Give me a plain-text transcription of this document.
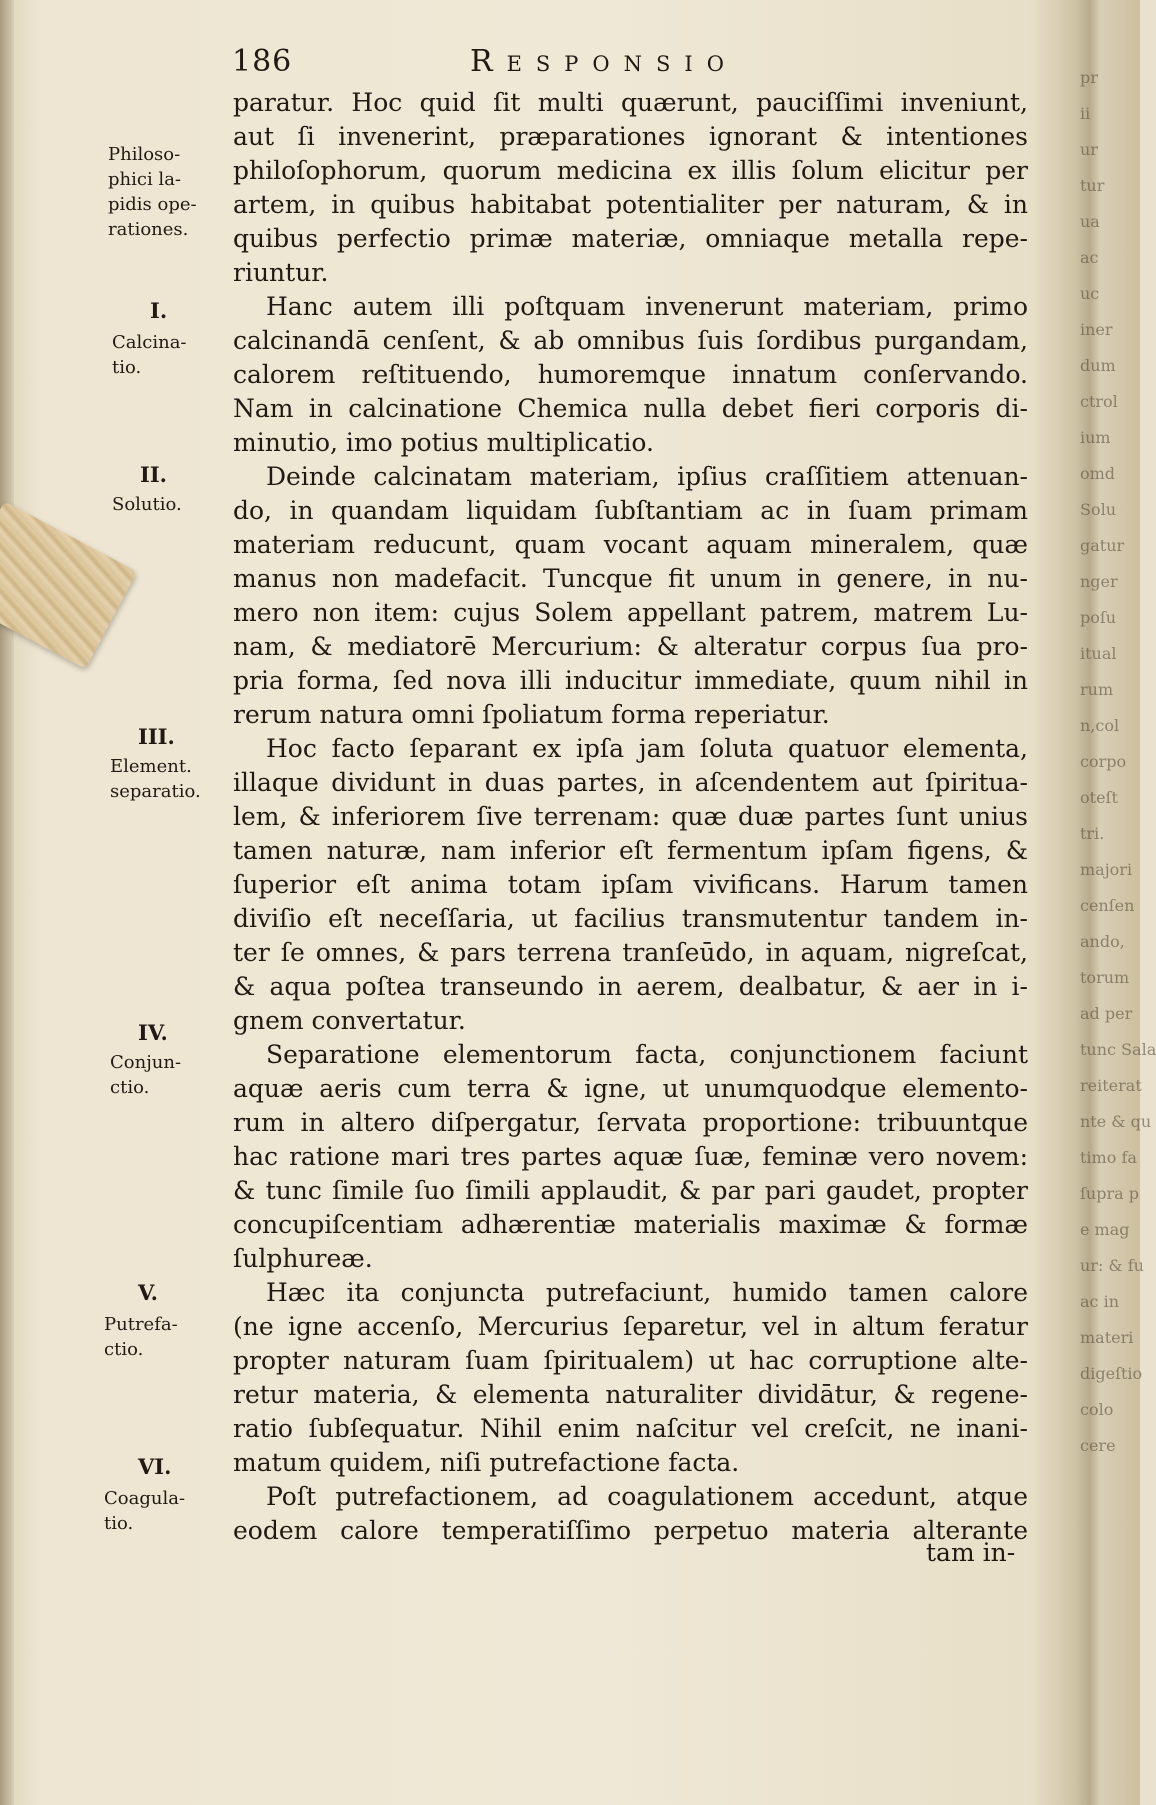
186	Responsio
Philoso-phici la-pidis ope-rationes.
I.
Calcina-tio.
II.
Solutio.
III.
Element. separatio.
IV.
Conjun-ctio.
V.
Putrefa-ctio.
VI.
Coagula-tio.
paratur. Hoc quid ſit multi quærunt, pauciſſimi inveniunt,
aut ſi invenerint, præparationes ignorant & intentiones
philoſophorum, quorum medicina ex illis ſolum elicitur per
artem, in quibus habitabat potentialiter per naturam, & in
quibus perfectio primæ materiæ, omniaque metalla repe-
riuntur.
Hanc autem illi poſtquam invenerunt materiam, primo
calcinandā cenſent, & ab omnibus ſuis ſordibus purgandam,
calorem reſtituendo, humoremque innatum conſervando.
Nam in calcinatione Chemica nulla debet fieri corporis di-
minutio, imo potius multiplicatio.
Deinde calcinatam materiam, ipſius craſſitiem attenuan-
do, in quandam liquidam ſubſtantiam ac in ſuam primam
materiam reducunt, quam vocant aquam mineralem, quæ
manus non madefacit. Tuncque fit unum in genere, in nu-
mero non item: cujus Solem appellant patrem, matrem Lu-
nam, & mediatorē Mercurium: & alteratur corpus ſua pro-
pria forma, ſed nova illi inducitur immediate, quum nihil in
rerum natura omni ſpoliatum forma reperiatur.
Hoc facto ſeparant ex ipſa jam ſoluta quatuor elementa,
illaque dividunt in duas partes, in aſcendentem aut ſpiritua-
lem, & inferiorem ſive terrenam: quæ duæ partes ſunt unius
tamen naturæ, nam inferior eſt fermentum ipſam figens, &
ſuperior eſt anima totam ipſam vivificans. Harum tamen
diviſio eſt neceſſaria, ut facilius transmutentur tandem in-
ter ſe omnes, & pars terrena tranſeūdo, in aquam, nigreſcat,
& aqua poſtea transeundo in aerem, dealbatur, & aer in i-
gnem convertatur.
Separatione elementorum facta, conjunctionem faciunt
aquæ aeris cum terra & igne, ut unumquodque elemento-
rum in altero diſpergatur, ſervata proportione: tribuuntque
hac ratione mari tres partes aquæ ſuæ, feminæ vero novem:
& tunc ſimile ſuo ſimili applaudit, & par pari gaudet, propter
concupiſcentiam adhærentiæ materialis maximæ & formæ
ſulphureæ.
Hæc ita conjuncta putrefaciunt, humido tamen calore
(ne igne accenſo, Mercurius ſeparetur, vel in altum feratur
propter naturam ſuam ſpiritualem) ut hac corruptione alte-
retur materia, & elementa naturaliter dividātur, & regene-
ratio ſubſequatur. Nihil enim naſcitur vel creſcit, ne inani-
matum quidem, niſi putrefactione facta.
Poſt putrefactionem, ad coagulationem accedunt, atque
eodem calore temperatiſſimo perpetuo materia alterante
tam in-
pr
ii
ur
tur
ua
ac
uc
iner
dum
ctrol
ium
omd
Solu
gatur
nger
poſu
itual
rum
n,col
corpo
oteſt
tri.
majori
cenſen
ando,
torum
ad per
tunc Sala
reiterat
nte & qu
timo fa
ſupra p
e mag
ur: & fu
ac in
materi
digeſtio
colo
cere
